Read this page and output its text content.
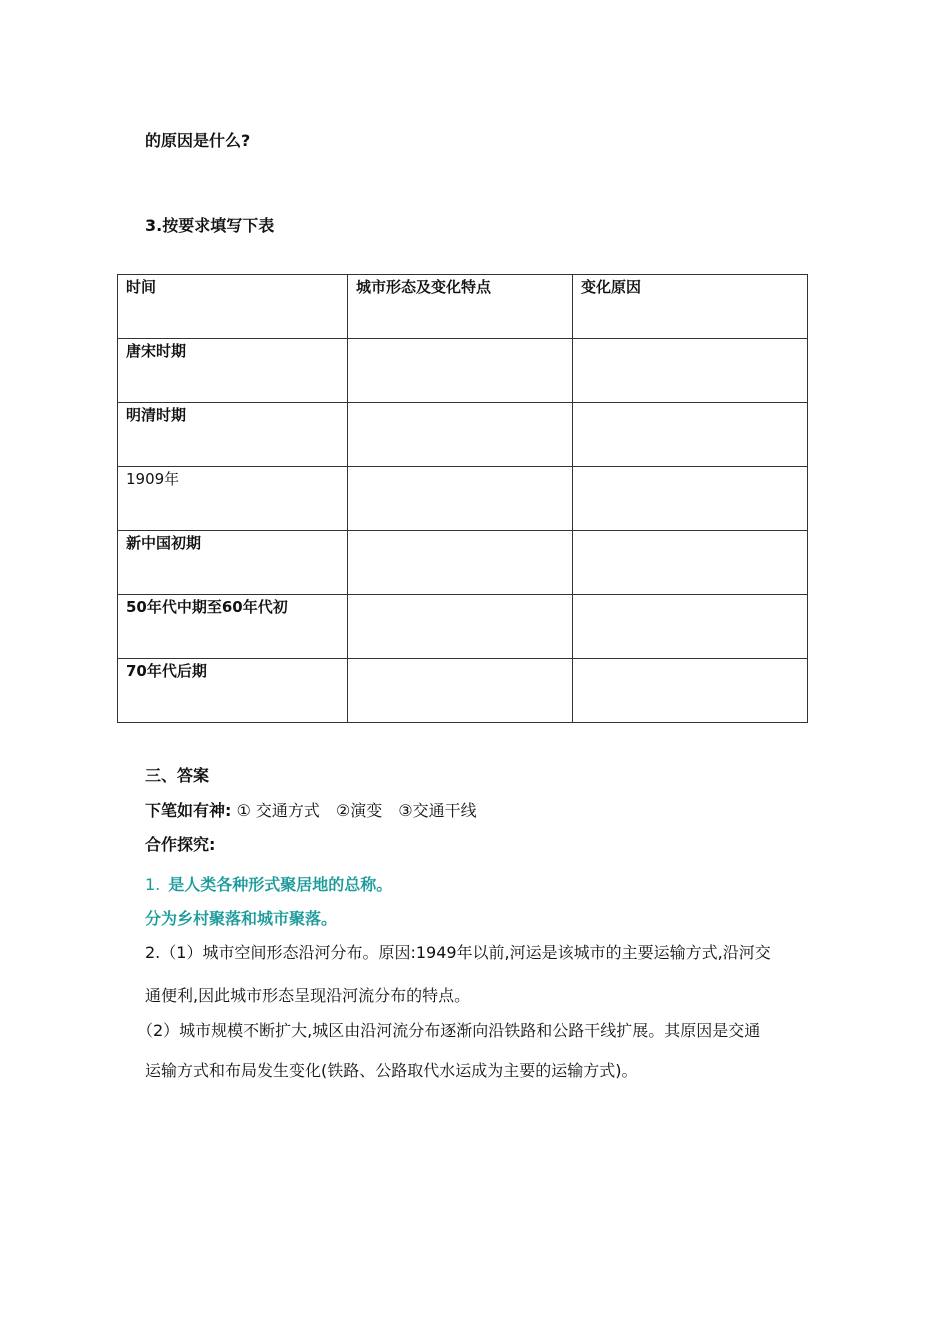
的原因是什么?
3.按要求填写下表
时间	城市形态及变化特点	变化原因
唐宋时期		
明清时期		
1909年		
新中国初期		
50年代中期至60年代初		
70年代后期		
三、答案
下笔如有神: ① 交通方式　②演变　③交通干线
合作探究:
1. 是人类各种形式聚居地的总称。
分为乡村聚落和城市聚落。
2.（1）城市空间形态沿河分布。原因:1949年以前,河运是该城市的主要运输方式,沿河交
通便利,因此城市形态呈现沿河流分布的特点。
（2）城市规模不断扩大,城区由沿河流分布逐渐向沿铁路和公路干线扩展。其原因是交通
运输方式和布局发生变化(铁路、公路取代水运成为主要的运输方式)。
